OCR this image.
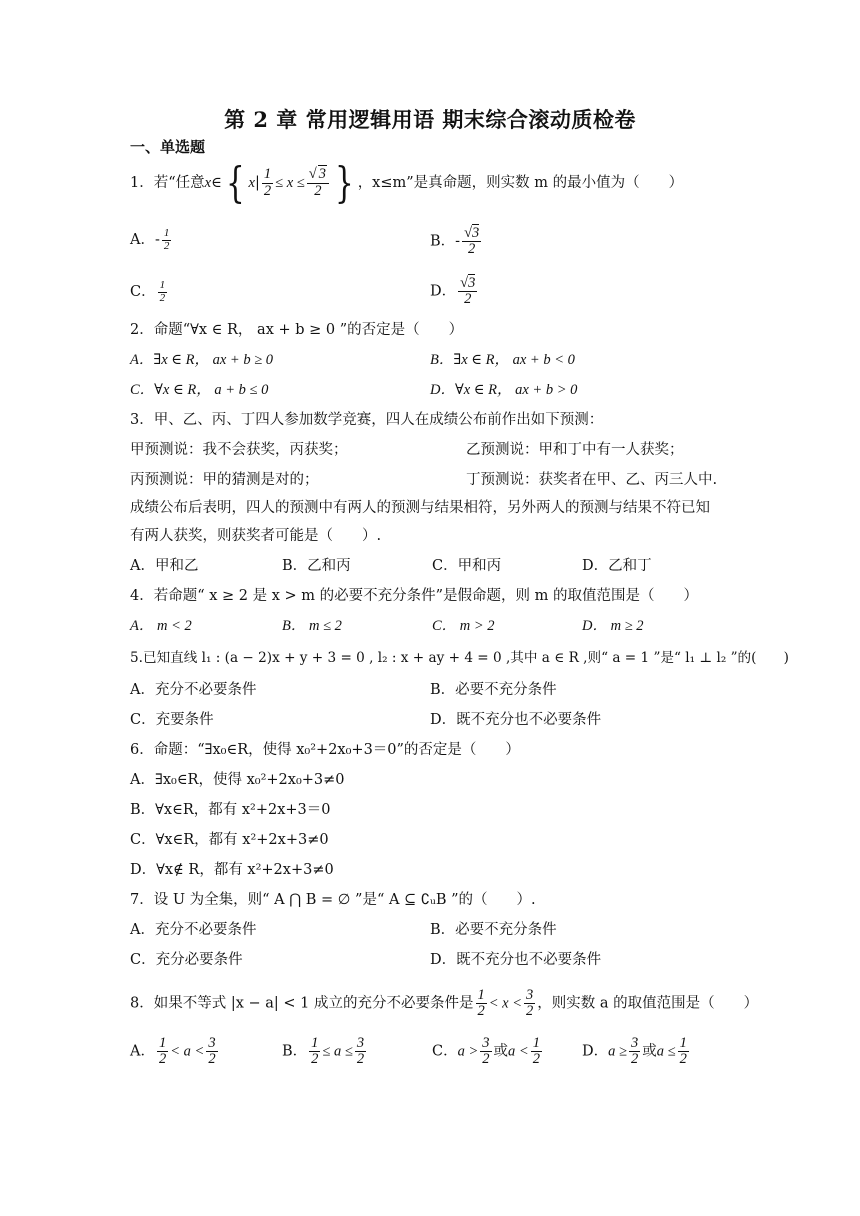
第 2 章 常用逻辑用语 期末综合滚动质检卷
一、单选题
1．若“任意x∈{ $x| \frac{1}{2} \le x \le \frac{√ 3}{2}$ } ，x≤m”是真命题，则实数 m 的最小值为（　　）
A．- $\frac{1}{2}$	B．- $\frac{√3}{2}$
C． $\frac{1}{2}$	D． $\frac{√3}{2}$
2．命题“∀x ∈ R， ax + b ≥ 0 ”的否定是（　　）
A．∃x ∈ R， ax + b ≥ 0	B．∃x ∈ R， ax + b < 0
C．∀x ∈ R， a + b ≤ 0	D．∀x ∈ R， ax + b > 0
3．甲、乙、丙、丁四人参加数学竞赛，四人在成绩公布前作出如下预测：
甲预测说：我不会获奖，丙获奖；	乙预测说：甲和丁中有一人获奖；
丙预测说：甲的猜测是对的；	丁预测说：获奖者在甲、乙、丙三人中.
成绩公布后表明，四人的预测中有两人的预测与结果相符，另外两人的预测与结果不符已知
有两人获奖，则获奖者可能是（　　）.
A．甲和乙	B．乙和丙	C．甲和丙	D．乙和丁
4．若命题“ x ≥ 2 是 x > m 的必要不充分条件”是假命题，则 m 的取值范围是（　　）
A． m < 2	B． m ≤ 2	C． m > 2	D． m ≥ 2
5.已知直线 l₁ : (a − 2)x + y + 3 = 0 , l₂ : x + ay + 4 = 0 ,其中 a ∈ R ,则“ a = 1 ”是“ l₁ ⊥ l₂ ”的(　　)
A．充分不必要条件	B．必要不充分条件
C．充要条件	D．既不充分也不必要条件
6．命题：“∃x₀∈R，使得 x₀²+2x₀+3＝0”的否定是（　　）
A．∃x₀∈R，使得 x₀²+2x₀+3≠0
B．∀x∈R，都有 x²+2x+3＝0
C．∀x∈R，都有 x²+2x+3≠0
D．∀x∉ R，都有 x²+2x+3≠0
7．设 U 为全集，则“ A ⋂ B = ∅ ”是“ A ⊆ ∁ᵤB ”的（　　）.
A．充分不必要条件	B．必要不充分条件
C．充分必要条件	D．既不充分也不必要条件
8．如果不等式 |x − a| < 1 成立的充分不必要条件是 $\frac{1}{2} < x < \frac{3}{2}$ ，则实数 a 的取值范围是（　　）
A． $\frac{1}{2} < a < \frac{3}{2}$	B． $\frac{1}{2} \le a \le \frac{3}{2}$	C．$a > \frac{3}{2}$ 或$a < \frac{1}{2}$	D．$a \ge \frac{3}{2}$ 或$a \le \frac{1}{2}$
